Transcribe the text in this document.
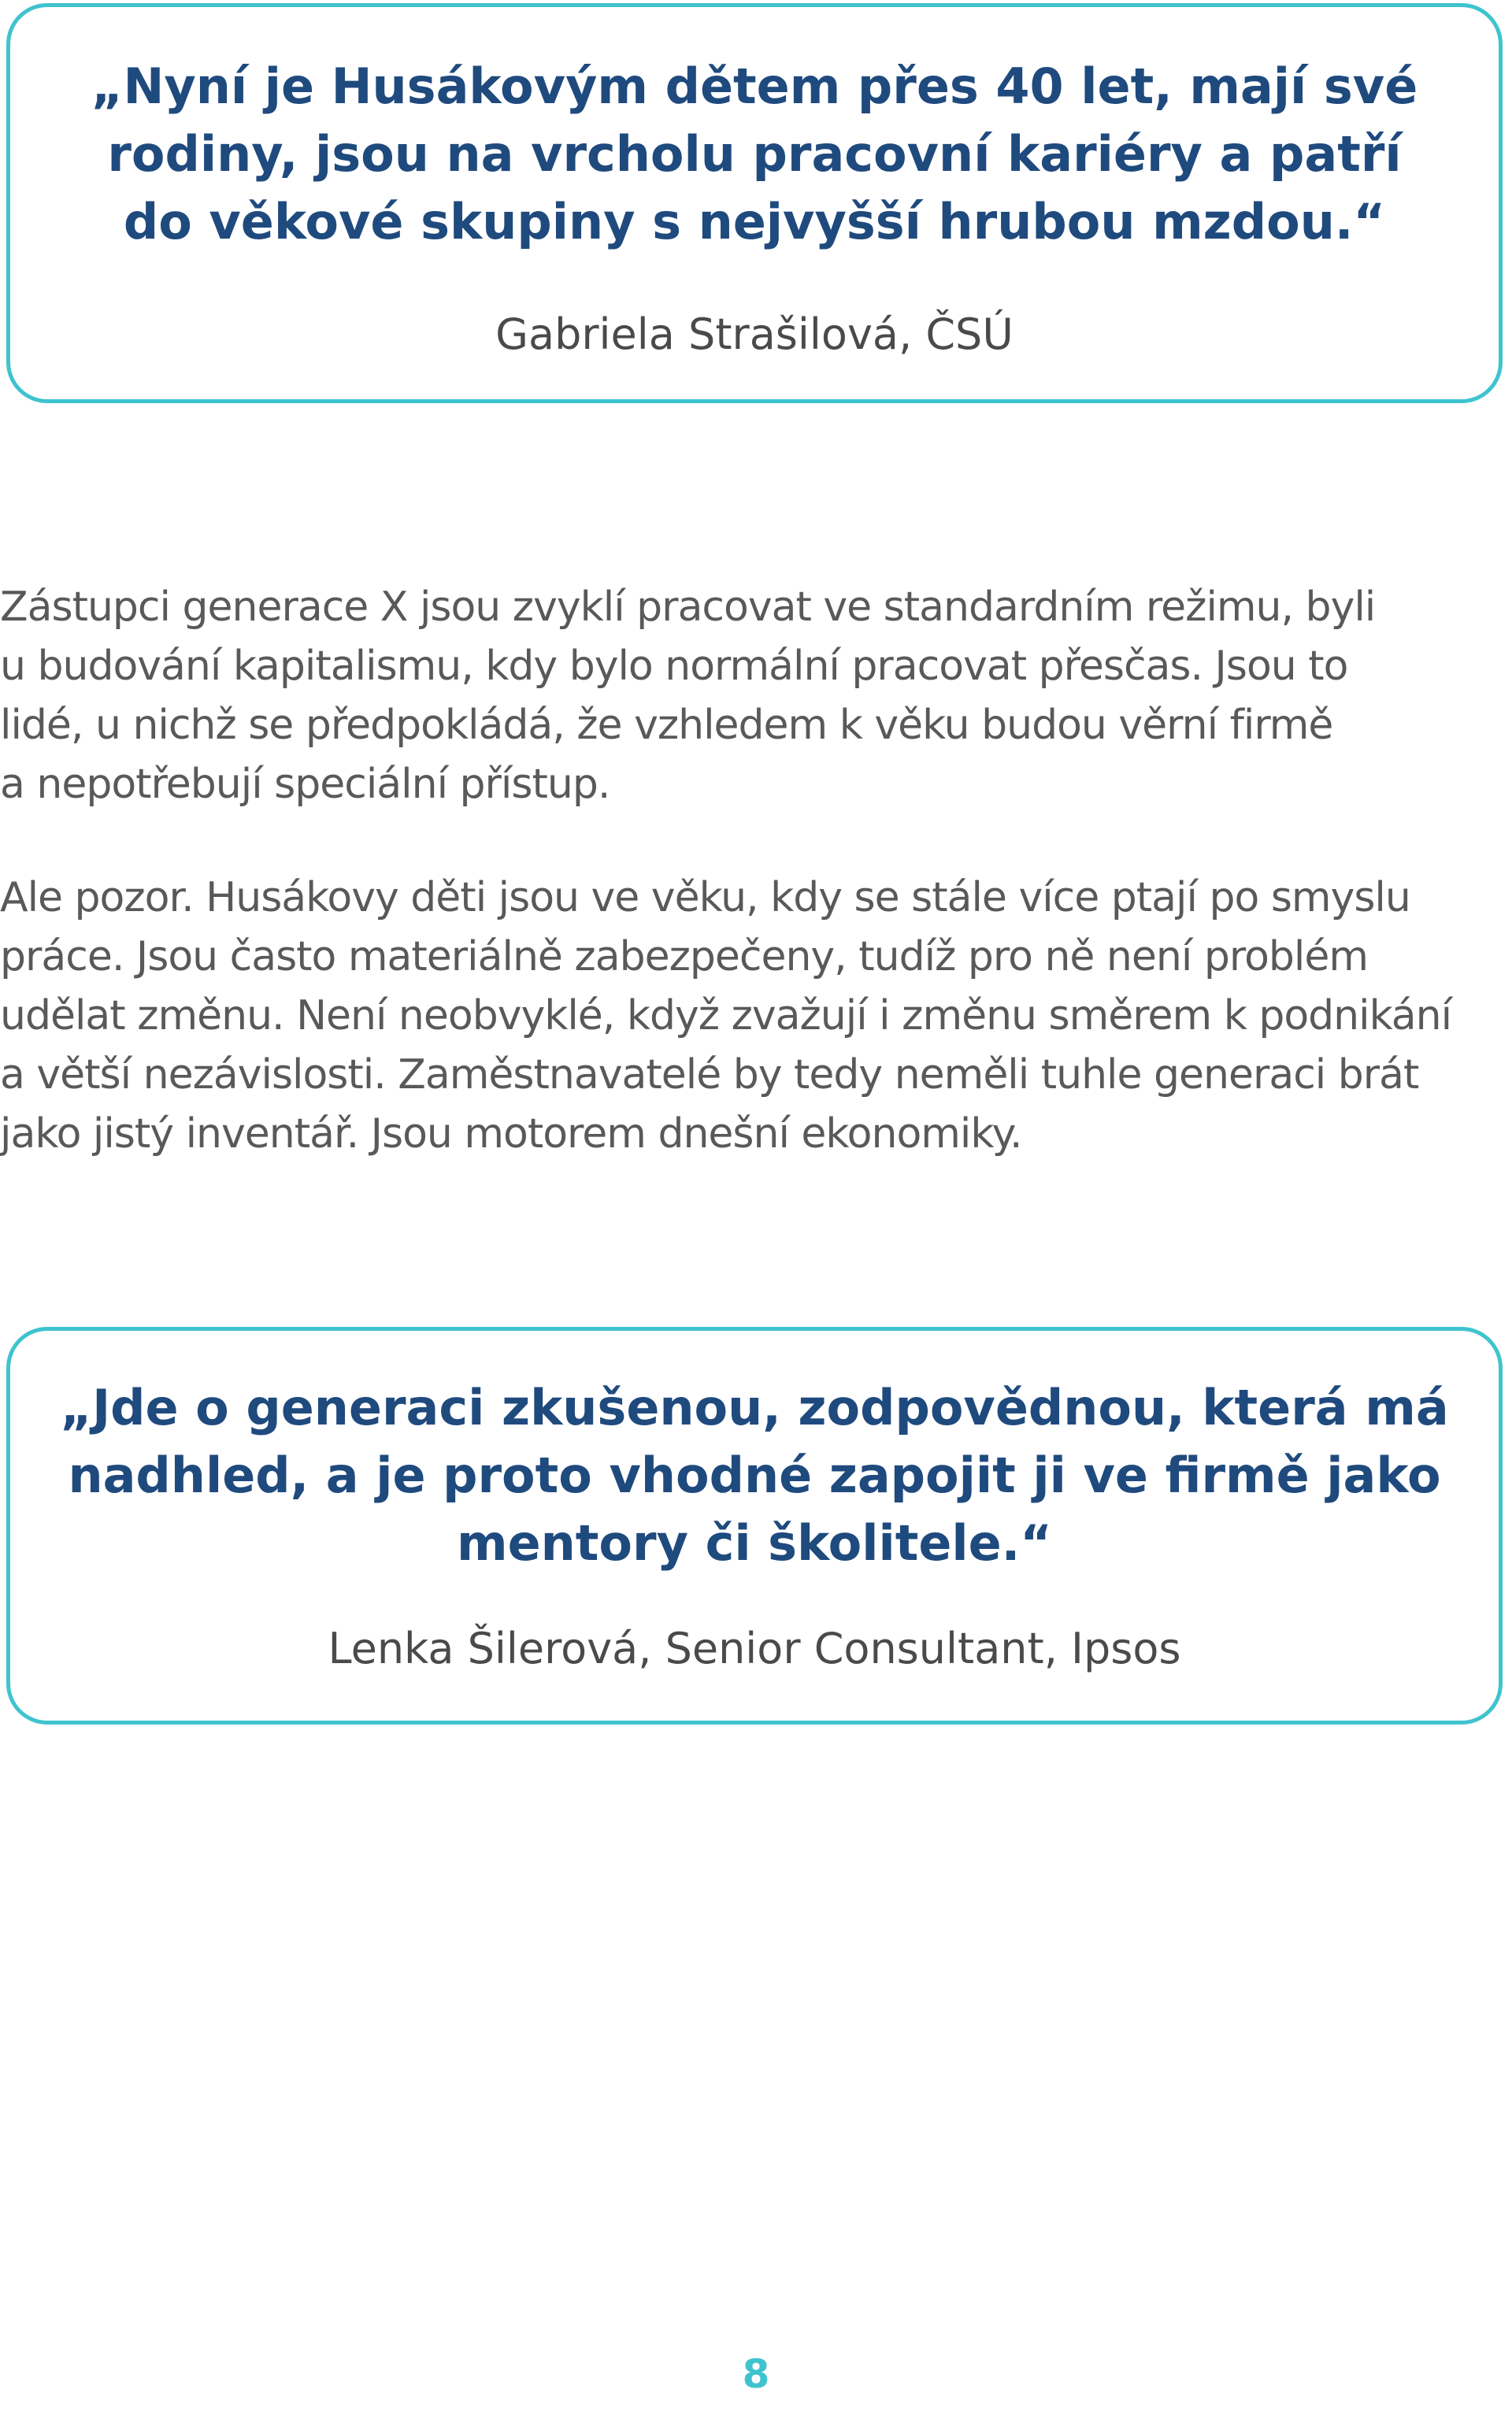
„Nyní je Husákovým dětem přes 40 let, mají své
rodiny, jsou na vrcholu pracovní kariéry a patří
do věkové skupiny s nejvyšší hrubou mzdou.“

Gabriela Strašilová, ČSÚ

Zástupci generace X jsou zvyklí pracovat ve standardním režimu, byli
u budování kapitalismu, kdy bylo normální pracovat přesčas. Jsou to
lidé, u nichž se předpokládá, že vzhledem k věku budou věrní firmě
a nepotřebují speciální přístup.

Ale pozor. Husákovy děti jsou ve věku, kdy se stále více ptají po smyslu
práce. Jsou často materiálně zabezpečeny, tudíž pro ně není problém
udělat změnu. Není neobvyklé, když zvažují i změnu směrem k podnikání
a větší nezávislosti. Zaměstnavatelé by tedy neměli tuhle generaci brát
jako jistý inventář. Jsou motorem dnešní ekonomiky.

„Jde o generaci zkušenou, zodpovědnou, která má
nadhled, a je proto vhodné zapojit ji ve firmě jako
mentory či školitele.“

Lenka Šilerová, Senior Consultant, Ipsos

8
